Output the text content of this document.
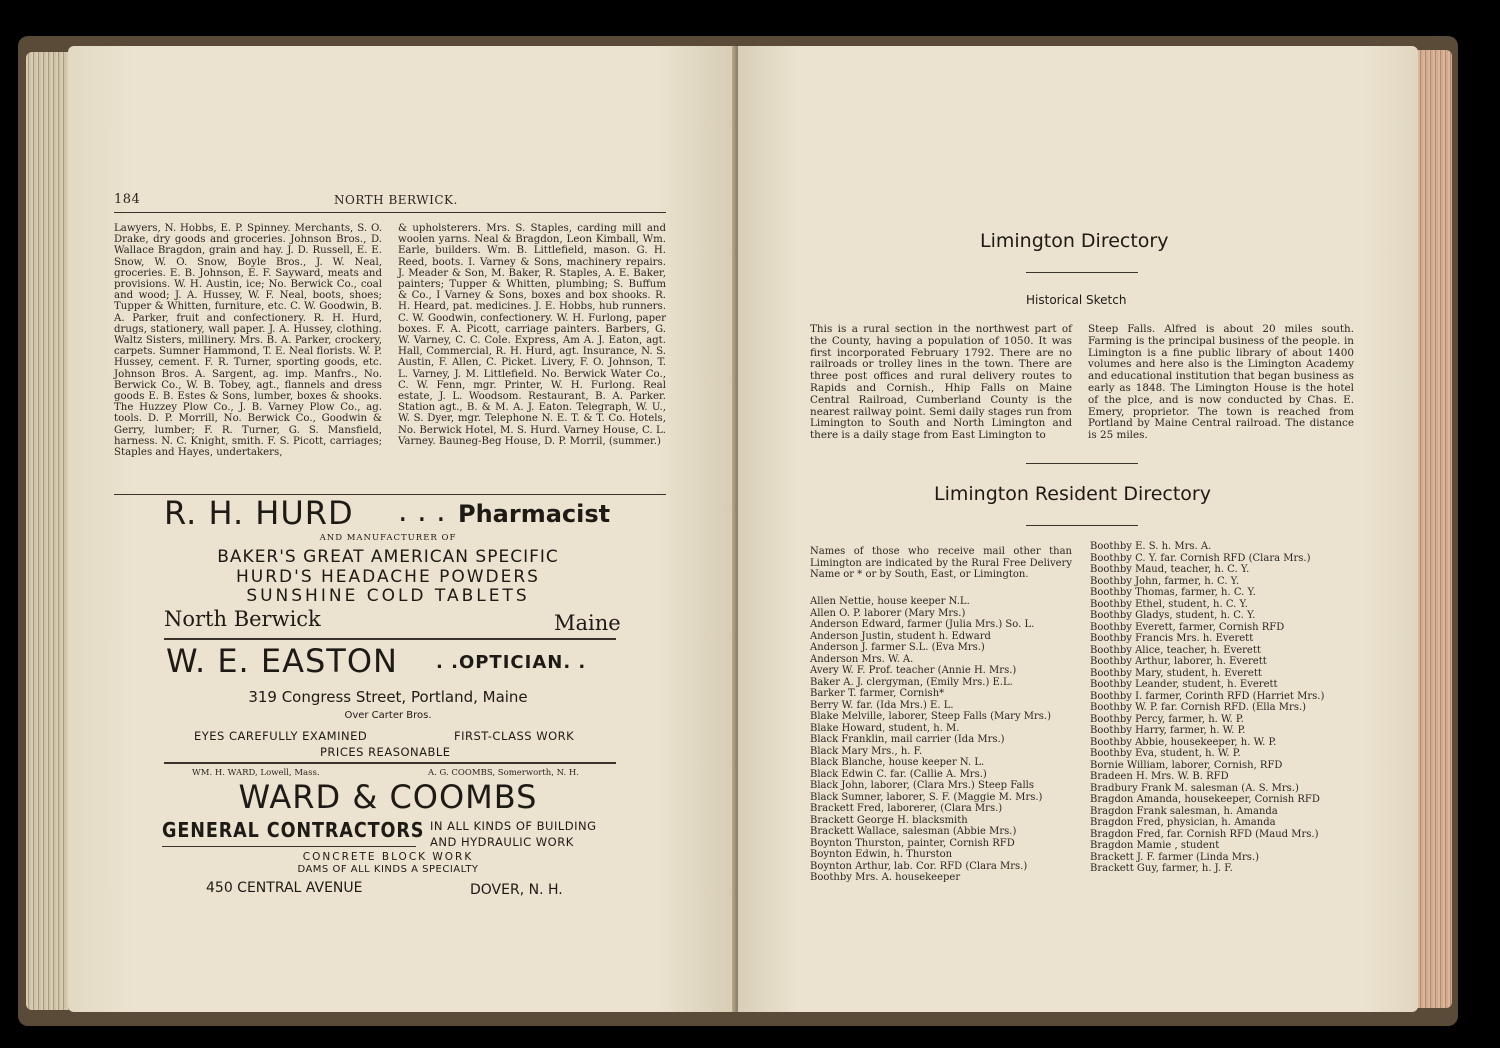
184	NORTH BERWICK.
Lawyers, N. Hobbs, E. P. Spinney. Merchants, S. O. Drake, dry goods and groceries. Johnson Bros., D. Wallace Bragdon, grain and hay. J. D. Russell, E. E. Snow, W. O. Snow, Boyle Bros., J. W. Neal, groceries. E. B. Johnson, E. F. Sayward, meats and provisions. W. H. Austin, ice; No. Berwick Co., coal and wood; J. A. Hussey, W. F. Neal, boots, shoes; Tupper & Whitten, furniture, etc. C. W. Goodwin, B. A. Parker, fruit and confectionery. R. H. Hurd, drugs, stationery, wall paper. J. A. Hussey, clothing. Waltz Sisters, millinery. Mrs. B. A. Parker, crockery, carpets. Sumner Hammond, T. E. Neal florists. W. P. Hussey, cement. F. R. Turner, sporting goods, etc. Johnson Bros. A. Sargent, ag. imp. Manfrs., No. Berwick Co., W. B. Tobey, agt., flannels and dress goods E. B. Estes & Sons, lumber, boxes & shooks. The Huzzey Plow Co., J. B. Varney Plow Co., ag. tools. D. P. Morrill, No. Berwick Co., Goodwin & Gerry, lumber; F. R. Turner, G. S. Mansfield, harness. N. C. Knight, smith. F. S. Picott, carriages; Staples and Hayes, undertakers,
& upholsterers. Mrs. S. Staples, carding mill and woolen yarns. Neal & Bragdon, Leon Kimball, Wm. Earle, builders. Wm. B. Littlefield, mason. G. H. Reed, boots. I. Varney & Sons, machinery repairs. J. Meader & Son, M. Baker, R. Staples, A. E. Baker, painters; Tupper & Whitten, plumbing; S. Buffum & Co., I Varney & Sons, boxes and box shooks. R. H. Heard, pat. medicines. J. E. Hobbs, hub runners. C. W. Goodwin, confectionery. W. H. Furlong, paper boxes. F. A. Picott, carriage painters. Barbers, G. W. Varney, C. C. Cole. Express, Am A. J. Eaton, agt. Hall, Commercial, R. H. Hurd, agt. Insurance, N. S. Austin, F. Allen, C. Picket. Livery, F. O. Johnson, T. L. Varney, J. M. Littlefield. No. Berwick Water Co., C. W. Fenn, mgr. Printer, W. H. Furlong. Real estate, J. L. Woodsom. Restaurant, B. A. Parker. Station agt., B. & M. A. J. Eaton. Telegraph, W. U., W. S. Dyer, mgr. Telephone N. E. T. & T. Co. Hotels, No. Berwick Hotel, M. S. Hurd. Varney House, C. L. Varney. Bauneg-Beg House, D. P. Morril, (summer.)
R. H. HURD . . . Pharmacist
AND MANUFACTURER OF
BAKER'S GREAT AMERICAN SPECIFIC
HURD'S HEADACHE POWDERS
SUNSHINE COLD TABLETS
North Berwick	Maine
W. E. EASTON . .OPTICIAN. .
319 Congress Street, Portland, Maine
Over Carter Bros.
EYES CAREFULLY EXAMINED	FIRST-CLASS WORK
PRICES REASONABLE
WM. H. WARD, Lowell, Mass.	A. G. COOMBS, Somerworth, N. H.
WARD & COOMBS
GENERAL CONTRACTORS IN ALL KINDS OF BUILDING
AND HYDRAULIC WORK
CONCRETE BLOCK WORK
DAMS OF ALL KINDS A SPECIALTY
450 CENTRAL AVENUE	DOVER, N. H.
Limington Directory
Historical Sketch
This is a rural section in the northwest part of the County, having a population of 1050. It was first incorporated February 1792. There are no railroads or trolley lines in the town. There are three post offices and rural delivery routes to Rapids and Cornish., Hhip Falls on Maine Central Railroad, Cumberland County is the nearest railway point. Semi daily stages run from Limington to South and North Limington and there is a daily stage from East Limington to
Steep Falls. Alfred is about 20 miles south. Farming is the principal business of the people. in Limington is a fine public library of about 1400 volumes and here also is the Limington Academy and educational institution that began business as early as 1848. The Limington House is the hotel of the plce, and is now conducted by Chas. E. Emery, proprietor. The town is reached from Portland by Maine Central railroad. The distance is 25 miles.
Limington Resident Directory
Names of those who receive mail other than Limington are indicated by the Rural Free Delivery Name or * or by South, East, or Limington.
Allen Nettie, house keeper N.L.
Allen O. P. laborer (Mary Mrs.)
Anderson Edward, farmer (Julia Mrs.) So. L.
Anderson Justin, student h. Edward
Anderson J. farmer S.L. (Eva Mrs.)
Anderson Mrs. W. A.
Avery W. F. Prof. teacher (Annie H. Mrs.)
Baker A. J. clergyman, (Emily Mrs.) E.L.
Barker T. farmer, Cornish*
Berry W. far. (Ida Mrs.) E. L.
Blake Melville, laborer, Steep Falls (Mary Mrs.)
Blake Howard, student, h. M.
Black Franklin, mail carrier (Ida Mrs.)
Black Mary Mrs., h. F.
Black Blanche, house keeper N. L.
Black Edwin C. far. (Callie A. Mrs.)
Black John, laborer, (Clara Mrs.) Steep Falls
Black Sumner, laborer, S. F. (Maggie M. Mrs.)
Brackett Fred, laborerer, (Clara Mrs.)
Brackett George H. blacksmith
Brackett Wallace, salesman (Abbie Mrs.)
Boynton Thurston, painter, Cornish RFD
Boynton Edwin, h. Thurston
Boynton Arthur, lab. Cor. RFD (Clara Mrs.)
Boothby Mrs. A. housekeeper
Boothby E. S. h. Mrs. A.
Boothby C. Y. far. Cornish RFD (Clara Mrs.)
Boothby Maud, teacher, h. C. Y.
Boothby John, farmer, h. C. Y.
Boothby Thomas, farmer, h. C. Y.
Boothby Ethel, student, h. C. Y.
Boothby Gladys, student, h. C. Y.
Boothby Everett, farmer, Cornish RFD
Boothby Francis Mrs. h. Everett
Boothby Alice, teacher, h. Everett
Boothby Arthur, laborer, h. Everett
Boothby Mary, student, h. Everett
Boothby Leander, student, h. Everett
Boothby I. farmer, Corinth RFD (Harriet Mrs.)
Boothby W. P. far. Cornish RFD. (Ella Mrs.)
Boothby Percy, farmer, h. W. P.
Boothby Harry, farmer, h. W. P.
Boothby Abbie, housekeeper, h. W. P.
Boothby Eva, student, h. W. P.
Bornie William, laborer, Cornish, RFD
Bradeen H. Mrs. W. B. RFD
Bradbury Frank M. salesman (A. S. Mrs.)
Bragdon Amanda, housekeeper, Cornish RFD
Bragdon Frank salesman, h. Amanda
Bragdon Fred, physician, h. Amanda
Bragdon Fred, far. Cornish RFD (Maud Mrs.)
Bragdon Mamie , student
Brackett J. F. farmer (Linda Mrs.)
Brackett Guy, farmer, h. J. F.
